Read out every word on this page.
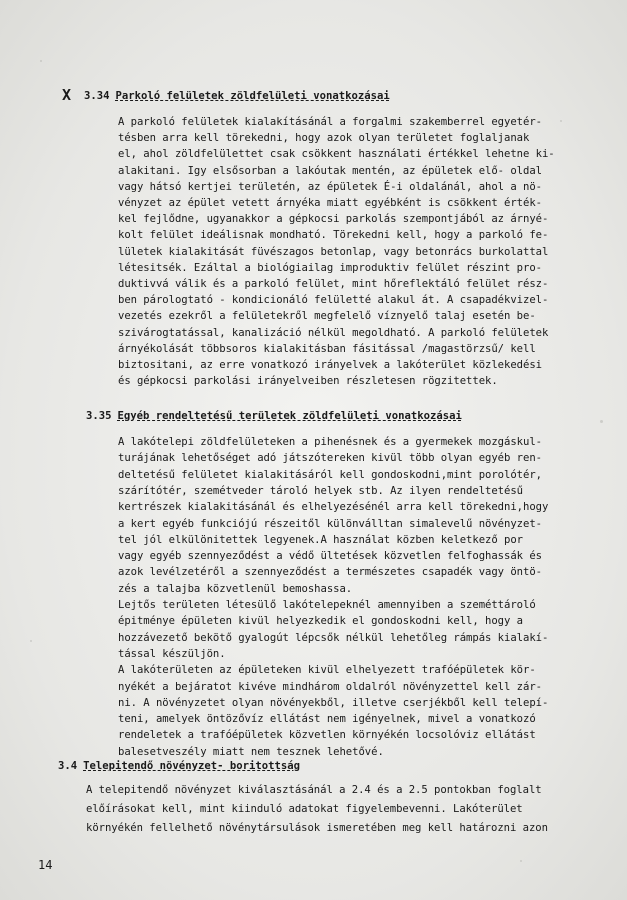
X 3.34 Parkoló felületek zöldfelületi vonatkozásai
A parkoló felületek kialakításánál a forgalmi szakemberrel egyetér-
tésben arra kell törekedni, hogy azok olyan területet foglaljanak
el, ahol zöldfelülettet csak csökkent használati értékkel lehetne ki-
alakitani. Igy elsősorban a lakóutak mentén, az épületek elő- oldal
vagy hátsó kertjei területén, az épületek É-i oldalánál, ahol a nö-
vényzet az épület vetett árnyéka miatt egyébként is csökkent érték-
kel fejlődne, ugyanakkor a gépkocsi parkolás szempontjából az árnyé-
kolt felület ideálisnak mondható. Törekedni kell, hogy a parkoló fe-
lületek kialakitását füvészagos betonlap, vagy betonrács burkolattal
létesitsék. Ezáltal a biológiailag improduktiv felület részint pro-
duktivvá válik és a parkoló felület, mint hőreflektáló felület rész-
ben párologtató - kondicionáló felületté alakul át. A csapadékvizel-
vezetés ezekről a felületekről megfelelő víznyelő talaj esetén be-
szivárogtatással, kanalizáció nélkül megoldható. A parkoló felületek
árnyékolását többsoros kialakitásban fásitással /magastörzsű/ kell
biztositani, az erre vonatkozó irányelvek a lakóterület közlekedési
és gépkocsi parkolási irányelveiben részletesen rögzitettek.
3.35 Egyéb rendeltetésű területek zöldfelületi vonatkozásai
A lakótelepi zöldfelületeken a pihenésnek és a gyermekek mozgáskul-
turájának lehetőséget adó játszótereken kivül több olyan egyéb ren-
deltetésű felületet kialakitásáról kell gondoskodni,mint porolótér,
szárítótér, szemétveder tároló helyek stb. Az ilyen rendeltetésű
kertrészek kialakitásánál és elhelyezésénél arra kell törekedni,hogy
a kert egyéb funkciójú részeitől különválltan simalevelű növényzet-
tel jól elkülönitettek legyenek.A használat közben keletkező por
vagy egyéb szennyeződést a védő ültetések közvetlen felfoghassák és
azok levélzetéről a szennyeződést a természetes csapadék vagy öntö-
zés a talajba közvetlenül bemoshassa.
Lejtős területen létesülő lakótelepeknél amennyiben a szeméttároló
épitménye épületen kivül helyezkedik el gondoskodni kell, hogy a
hozzávezető bekötő gyalogút lépcsők nélkül lehetőleg rámpás kialakí-
tással készüljön.
A lakóterületen az épületeken kivül elhelyezett trafóépületek kör-
nyékét a bejáratot kivéve mindhárom oldalról növényzettel kell zár-
ni. A növényzetet olyan növényekből, illetve cserjékből kell telepí-
teni, amelyek öntözővíz ellátást nem igényelnek, mivel a vonatkozó
rendeletek a trafóépületek közvetlen környékén locsolóviz ellátást
balesetveszély miatt nem tesznek lehetővé.
3.4 Telepitendő növényzet- boritottság
A telepitendő növényzet kiválasztásánál a 2.4 és a 2.5 pontokban foglalt
előírásokat kell, mint kiinduló adatokat figyelembevenni. Lakóterület
környékén fellelhető növénytársulások ismeretében meg kell határozni azon
14
